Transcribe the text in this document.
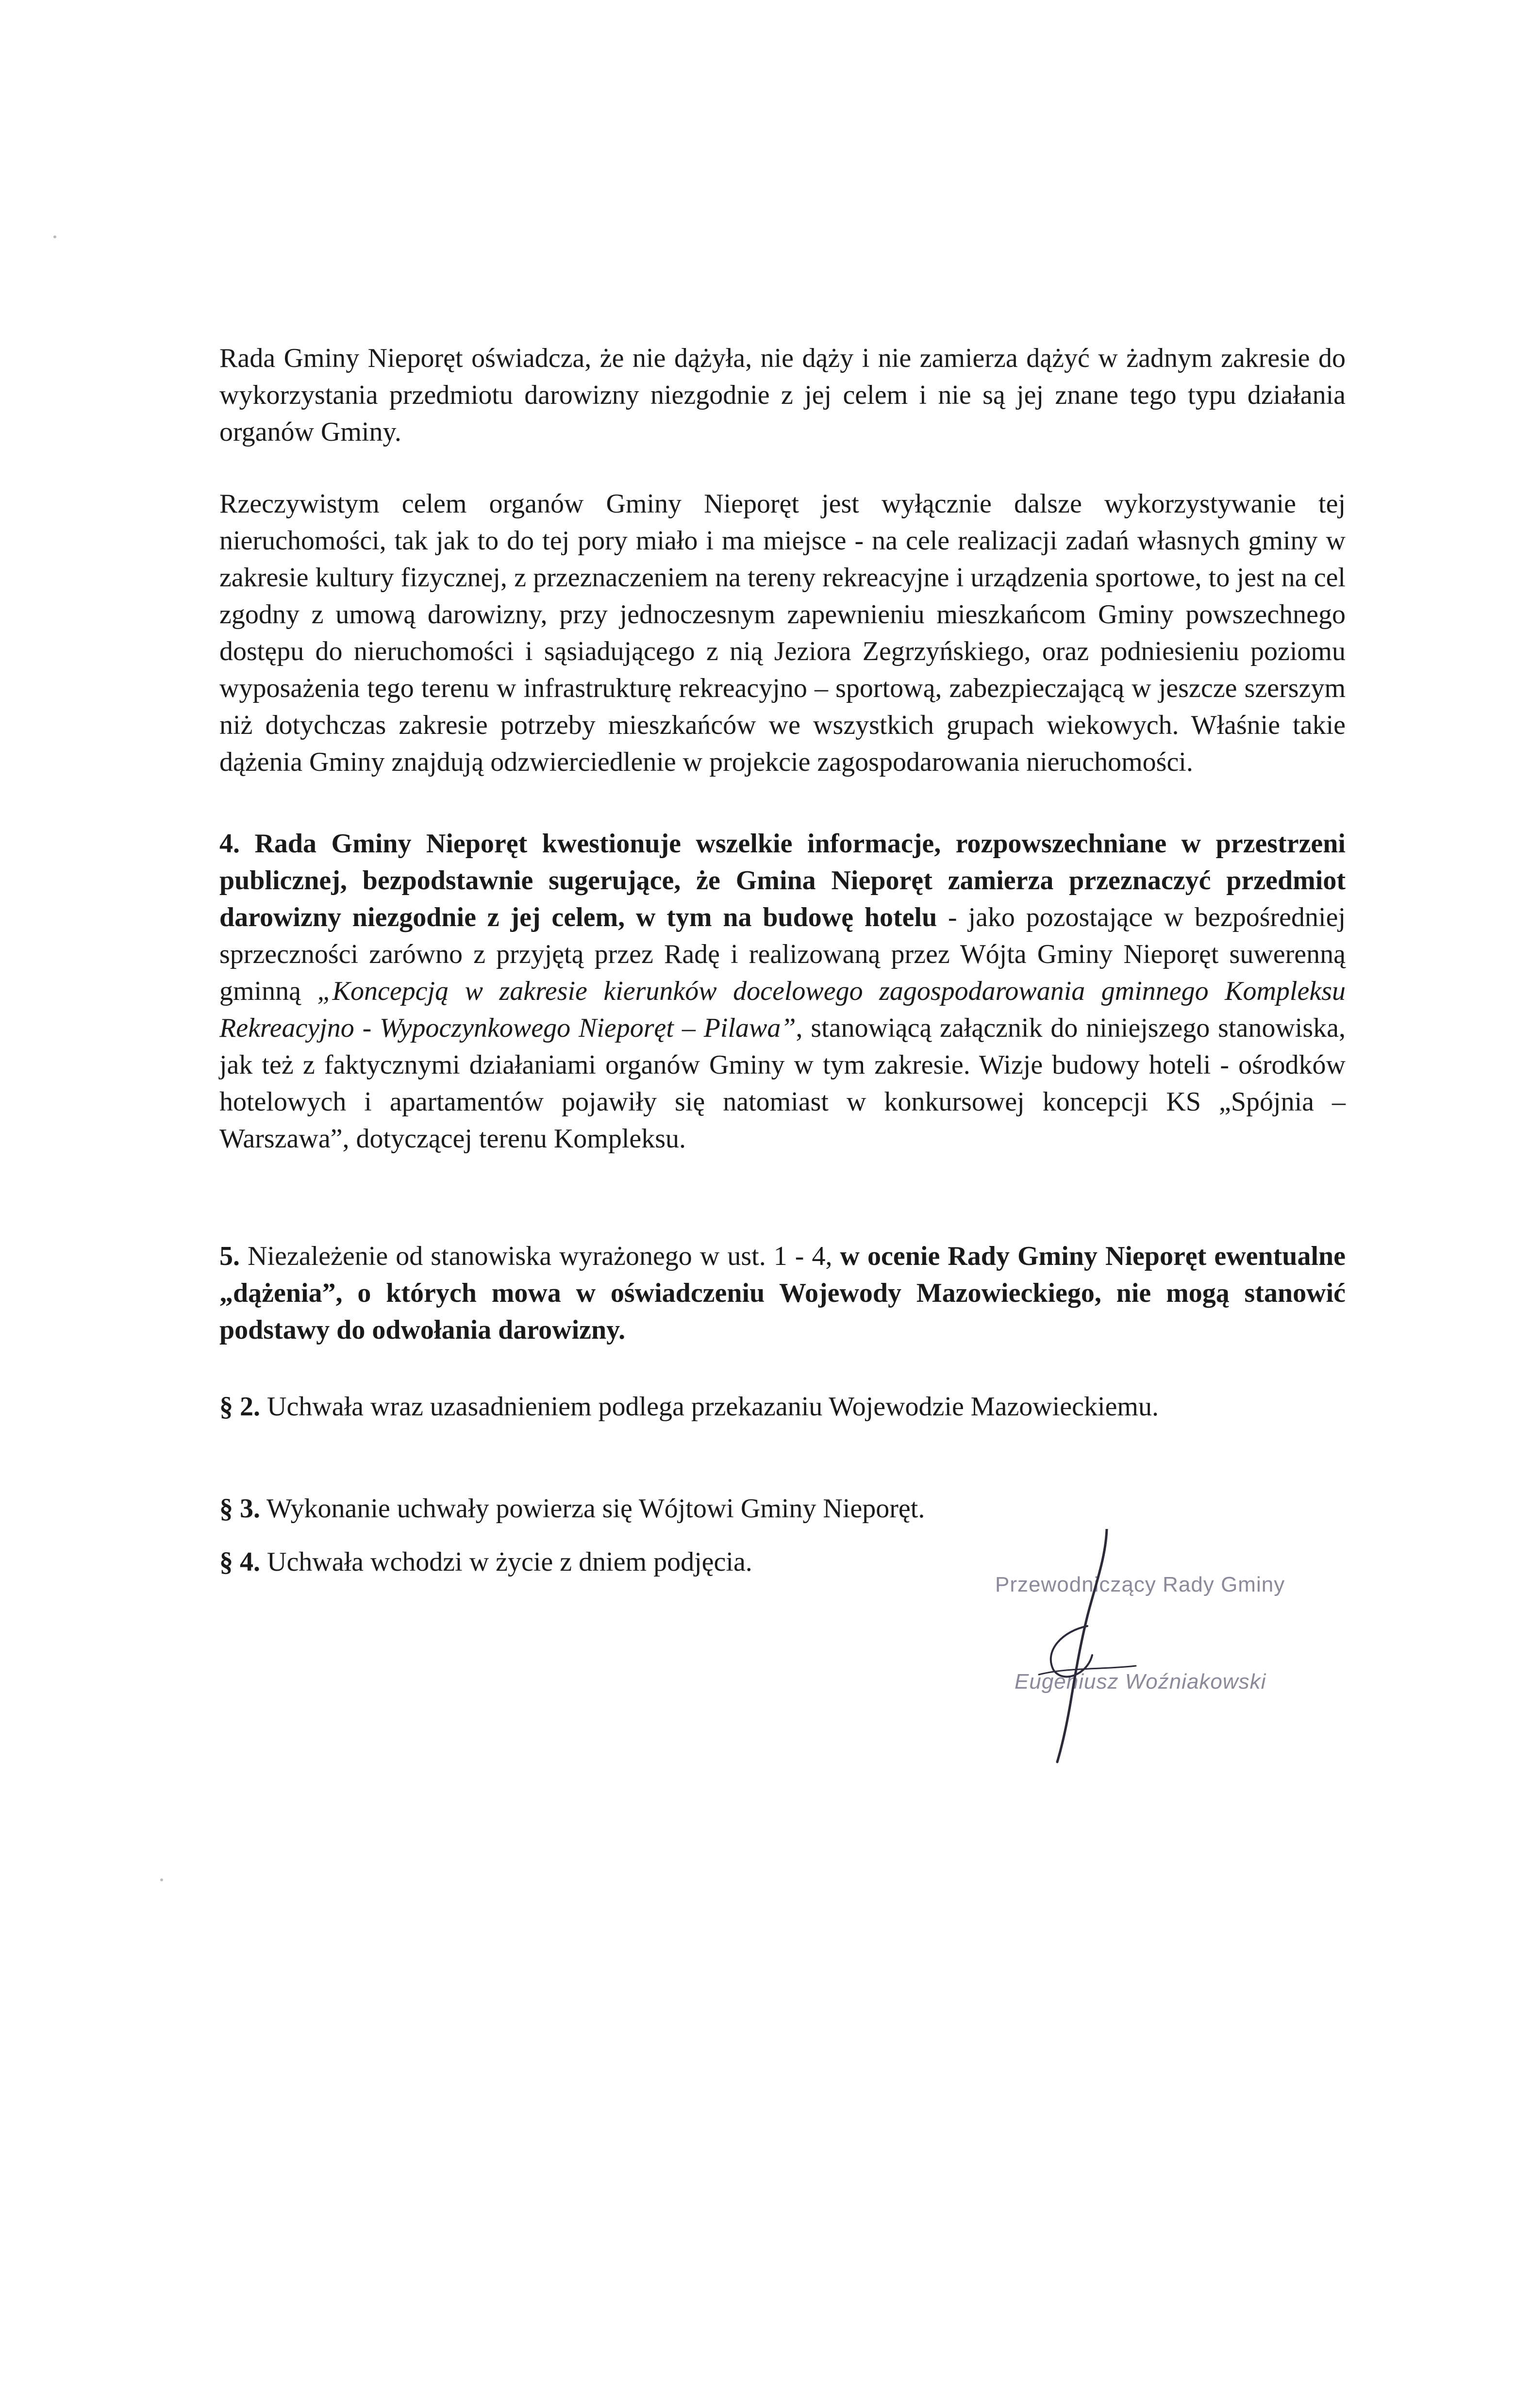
Rada Gminy Nieporęt oświadcza, że nie dążyła, nie dąży i nie zamierza dążyć w żadnym zakresie do wykorzystania przedmiotu darowizny niezgodnie z jej celem i nie są jej znane tego typu działania organów Gminy.

Rzeczywistym celem organów Gminy Nieporęt jest wyłącznie dalsze wykorzystywanie tej nieruchomości, tak jak to do tej pory miało i ma miejsce - na cele realizacji zadań własnych gminy w zakresie kultury fizycznej, z przeznaczeniem na tereny rekreacyjne i urządzenia sportowe, to jest na cel zgodny z umową darowizny, przy jednoczesnym zapewnieniu mieszkańcom Gminy powszechnego dostępu do nieruchomości i sąsiadującego z nią Jeziora Zegrzyńskiego, oraz podniesieniu poziomu wyposażenia tego terenu w infrastrukturę rekreacyjno – sportową, zabezpieczającą w jeszcze szerszym niż dotychczas zakresie potrzeby mieszkańców we wszystkich grupach wiekowych. Właśnie takie dążenia Gminy znajdują odzwierciedlenie w projekcie zagospodarowania nieruchomości.

4. Rada Gminy Nieporęt kwestionuje wszelkie informacje, rozpowszechniane w przestrzeni publicznej, bezpodstawnie sugerujące, że Gmina Nieporęt zamierza przeznaczyć przedmiot darowizny niezgodnie z jej celem, w tym na budowę hotelu - jako pozostające w bezpośredniej sprzeczności zarówno z przyjętą przez Radę i realizowaną przez Wójta Gminy Nieporęt suwerenną gminną „Koncepcją w zakresie kierunków docelowego zagospodarowania gminnego Kompleksu Rekreacyjno - Wypoczynkowego Nieporęt – Pilawa”, stanowiącą załącznik do niniejszego stanowiska, jak też z faktycznymi działaniami organów Gminy w tym zakresie. Wizje budowy hoteli - ośrodków hotelowych i apartamentów pojawiły się natomiast w konkursowej koncepcji KS „Spójnia – Warszawa”, dotyczącej terenu Kompleksu.

5. Niezależenie od stanowiska wyrażonego w ust. 1 - 4, w ocenie Rady Gminy Nieporęt ewentualne „dążenia”, o których mowa w oświadczeniu Wojewody Mazowieckiego, nie mogą stanowić podstawy do odwołania darowizny.

§ 2. Uchwała wraz uzasadnieniem podlega przekazaniu Wojewodzie Mazowieckiemu.

§ 3. Wykonanie uchwały powierza się Wójtowi Gminy Nieporęt.

§ 4. Uchwała wchodzi w życie z dniem podjęcia.

Przewodniczący Rady Gminy
Eugeniusz Woźniakowski
